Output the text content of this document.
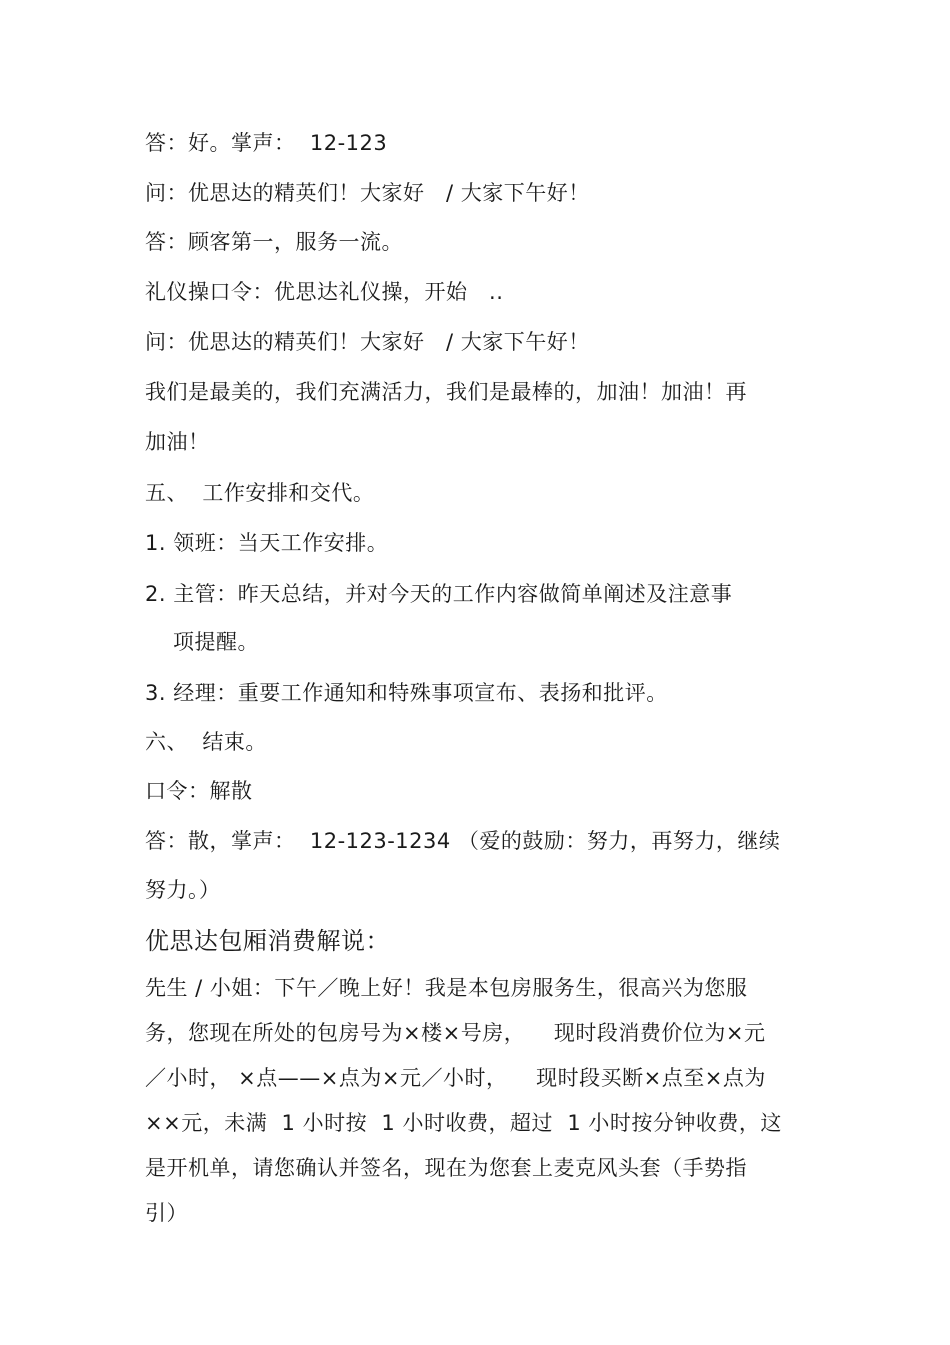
答：好。掌声：  12-123
问：优思达的精英们！大家好   / 大家下午好！
答：顾客第一，服务一流。
礼仪操口令：优思达礼仪操，开始   ..
问：优思达的精英们！大家好   / 大家下午好！
我们是最美的，我们充满活力，我们是最棒的，加油！加油！再
加油！
五、  工作安排和交代。
1. 领班：当天工作安排。
2. 主管：昨天总结，并对今天的工作内容做简单阐述及注意事
项提醒。
3. 经理：重要工作通知和特殊事项宣布、表扬和批评。
六、  结束。
口令：解散
答：散，掌声：  12-123-1234 （爱的鼓励：努力，再努力，继续
努力。）
优思达包厢消费解说：
先生 / 小姐：下午／晚上好！我是本包房服务生，很高兴为您服
务，您现在所处的包房号为×楼×号房，    现时段消费价位为×元
／小时， ×点——×点为×元／小时，    现时段买断×点至×点为
××元，未满  1 小时按  1 小时收费，超过  1 小时按分钟收费，这
是开机单，请您确认并签名，现在为您套上麦克风头套（手势指
引）
